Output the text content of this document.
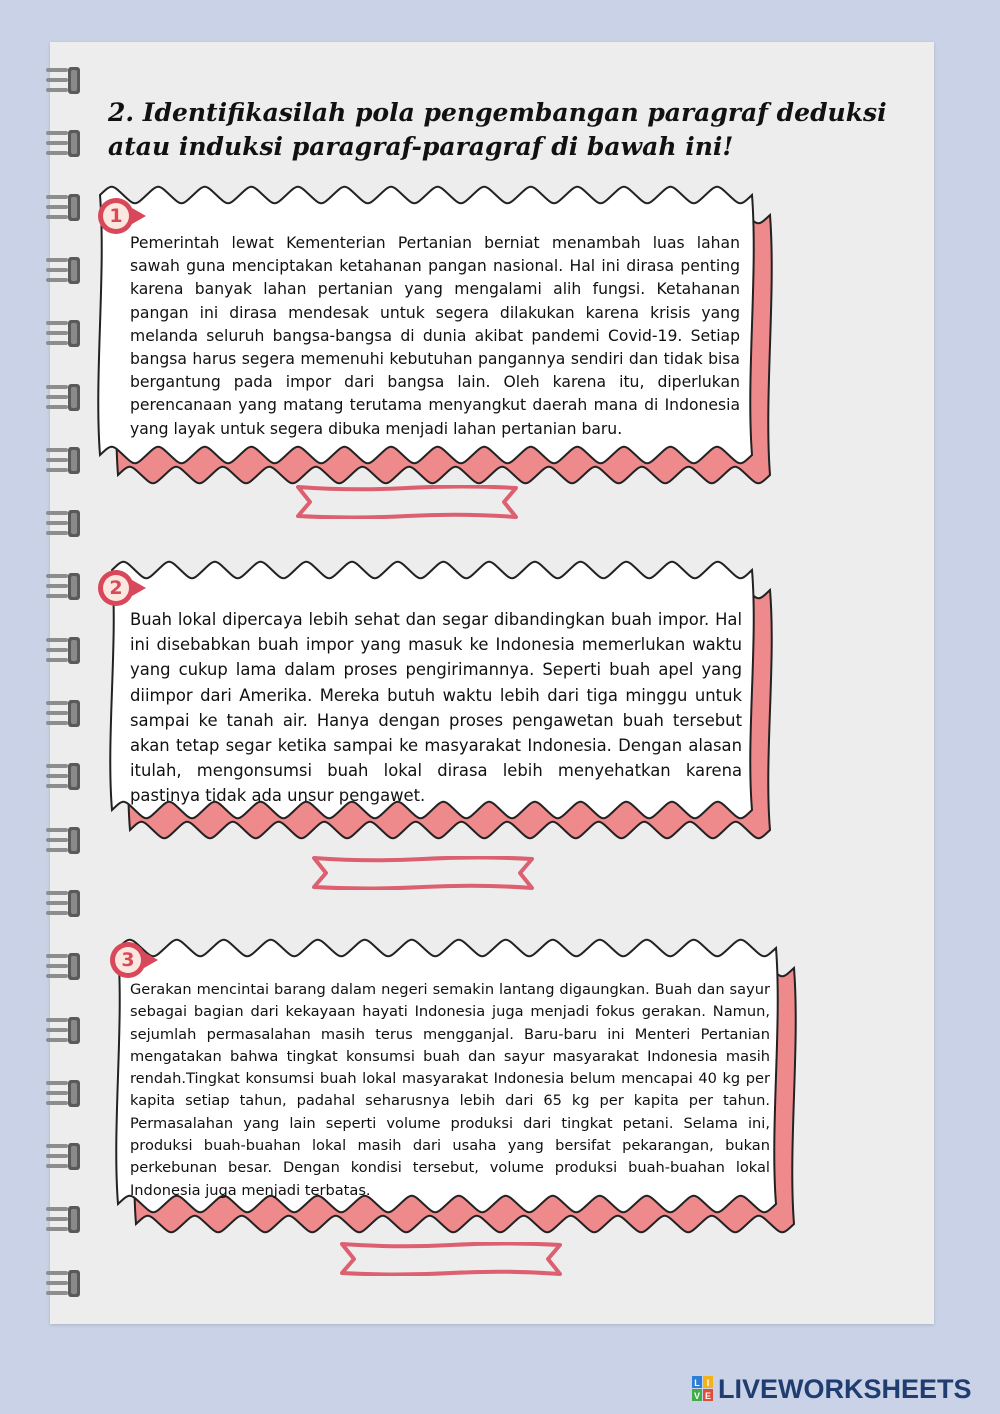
2. Identifikasilah pola pengembangan paragraf deduksi atau induksi paragraf-paragraf di bawah ini!

Pemerintah lewat Kementerian Pertanian berniat menambah luas lahan sawah guna menciptakan ketahanan pangan nasional. Hal ini dirasa penting karena banyak lahan pertanian yang mengalami alih fungsi. Ketahanan pangan ini dirasa mendesak untuk segera dilakukan karena krisis yang melanda seluruh bangsa-bangsa di dunia akibat pandemi Covid-19. Setiap bangsa harus segera memenuhi kebutuhan pangannya sendiri dan tidak bisa bergantung pada impor dari bangsa lain. Oleh karena itu, diperlukan perencanaan yang matang terutama menyangkut daerah mana di Indonesia yang layak untuk segera dibuka menjadi lahan pertanian baru.

1

Buah lokal dipercaya lebih sehat dan segar dibandingkan buah impor. Hal ini disebabkan buah impor yang masuk ke Indonesia memerlukan waktu yang cukup lama dalam proses pengirimannya. Seperti buah apel yang diimpor dari Amerika. Mereka butuh waktu lebih dari tiga minggu untuk sampai ke tanah air. Hanya dengan proses pengawetan buah tersebut akan tetap segar ketika sampai ke masyarakat Indonesia. Dengan alasan itulah, mengonsumsi buah lokal dirasa lebih menyehatkan karena pastinya tidak ada unsur pengawet.

2

Gerakan mencintai barang dalam negeri semakin lantang digaungkan. Buah dan sayur sebagai bagian dari kekayaan hayati Indonesia juga menjadi fokus gerakan. Namun, sejumlah permasalahan masih terus mengganjal. Baru-baru ini Menteri Pertanian mengatakan bahwa tingkat konsumsi buah dan sayur masyarakat Indonesia masih rendah.Tingkat konsumsi buah lokal masyarakat Indonesia belum mencapai 40 kg per kapita setiap tahun, padahal seharusnya lebih dari 65 kg per kapita per tahun. Permasalahan yang lain seperti volume produksi dari tingkat petani. Selama ini, produksi buah-buahan lokal masih dari usaha yang bersifat pekarangan, bukan perkebunan besar. Dengan kondisi tersebut, volume produksi buah-buahan lokal Indonesia juga menjadi terbatas.

3
L I
V E LIVEWORKSHEETS
